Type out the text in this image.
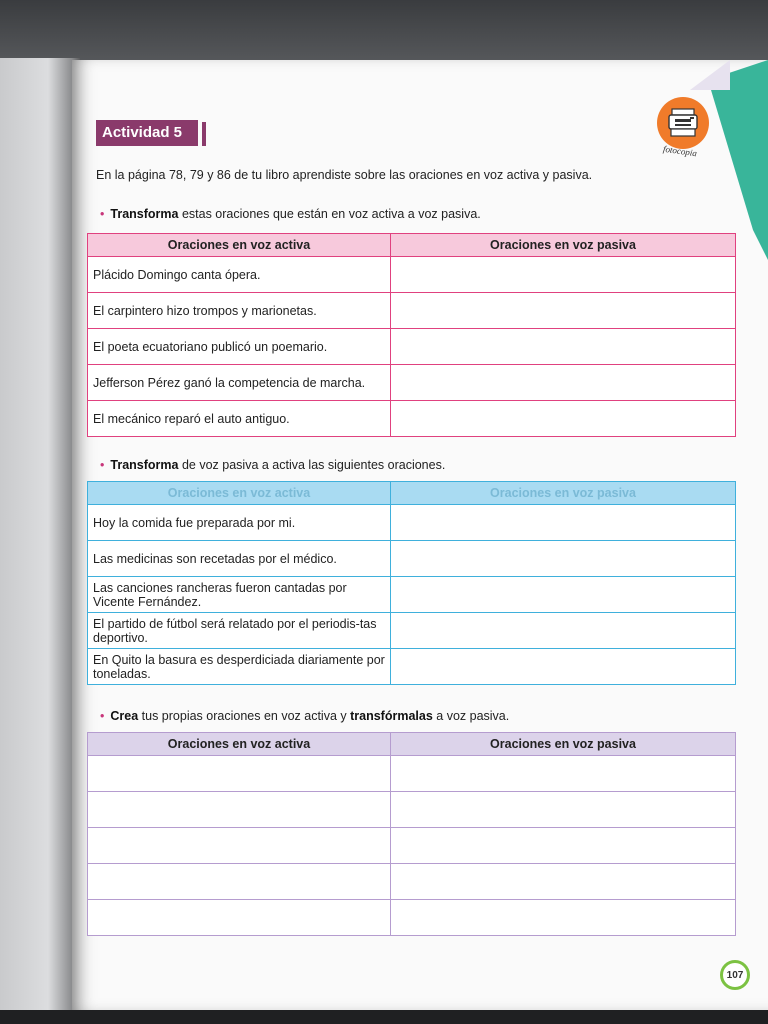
Actividad 5
fotocopia
En la página 78, 79 y 86 de tu libro aprendiste sobre las oraciones en voz activa y pasiva.
• Transforma estas oraciones que están en voz activa a voz pasiva.
Oraciones en voz activa	Oraciones en voz pasiva
Plácido Domingo canta ópera.	
El carpintero hizo trompos y marionetas.	
El poeta ecuatoriano publicó un poemario.	
Jefferson Pérez ganó la competencia de marcha.	
El mecánico reparó el auto antiguo.	
• Transforma de voz pasiva a activa las siguientes oraciones.
Oraciones en voz activa	Oraciones en voz pasiva
Hoy la comida fue preparada por mi.	
Las medicinas son recetadas por el médico.	
Las canciones rancheras fueron cantadas por Vicente Fernández.	
El partido de fútbol será relatado por el periodis-tas deportivo.	
En Quito la basura es desperdiciada diariamente por toneladas.	
• Crea tus propias oraciones en voz activa y transfórmalas a voz pasiva.
Oraciones en voz activa	Oraciones en voz pasiva

107
